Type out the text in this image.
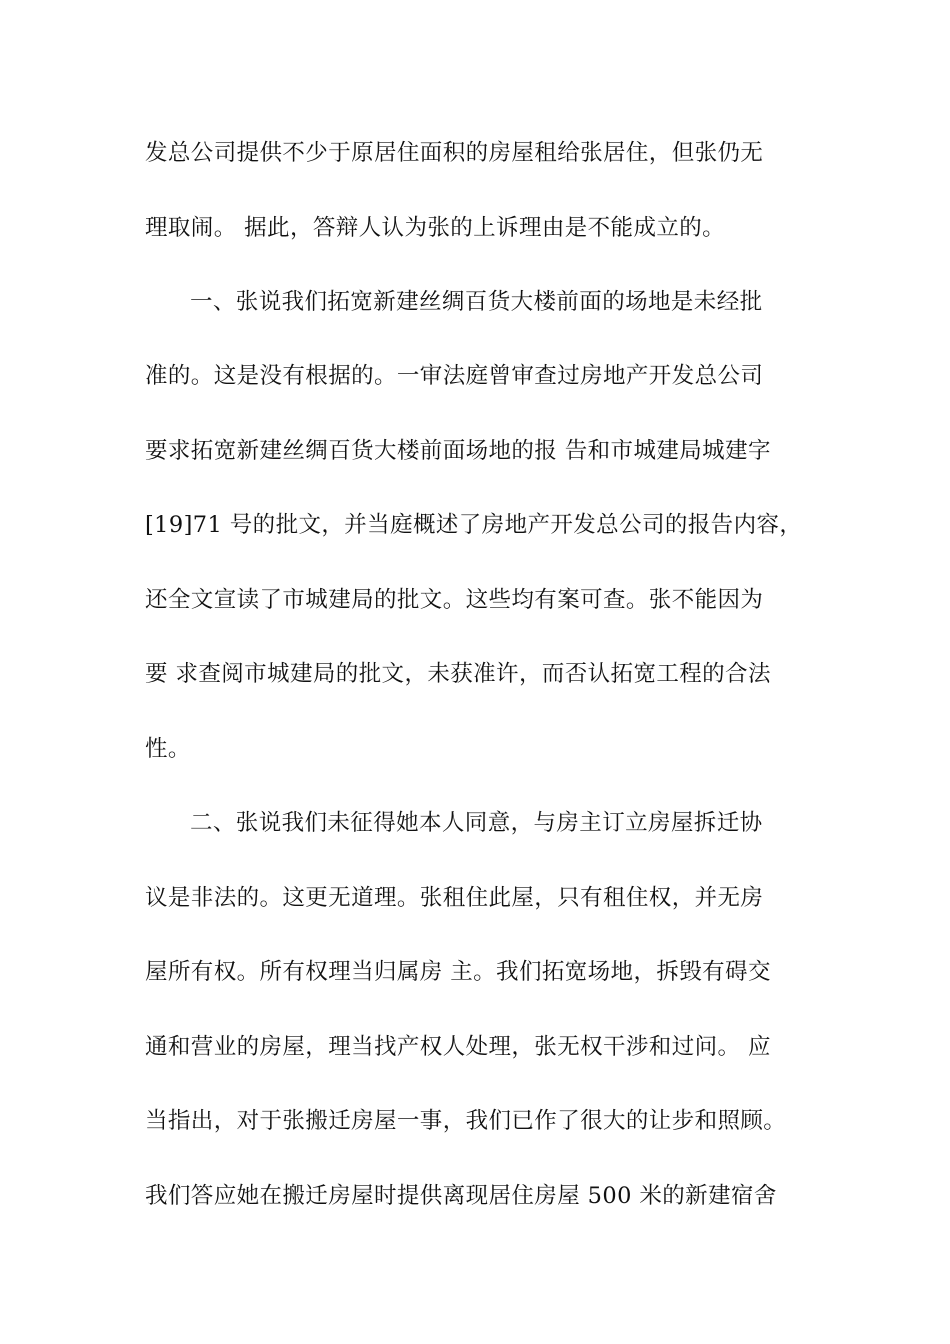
发总公司提供不少于原居住面积的房屋租给张居住，但张仍无
理取闹。 据此，答辩人认为张的上诉理由是不能成立的。
一、张说我们拓宽新建丝绸百货大楼前面的场地是未经批
准的。这是没有根据的。一审法庭曾审查过房地产开发总公司
要求拓宽新建丝绸百货大楼前面场地的报 告和市城建局城建字
[19]71 号的批文，并当庭概述了房地产开发总公司的报告内容，
还全文宣读了市城建局的批文。这些均有案可查。张不能因为
要 求查阅市城建局的批文，未获准许，而否认拓宽工程的合法
性。
二、张说我们未征得她本人同意，与房主订立房屋拆迁协
议是非法的。这更无道理。张租住此屋，只有租住权，并无房
屋所有权。所有权理当归属房 主。我们拓宽场地，拆毁有碍交
通和营业的房屋，理当找产权人处理，张无权干涉和过问。 应
当指出，对于张搬迁房屋一事，我们已作了很大的让步和照顾。
我们答应她在搬迁房屋时提供离现居住房屋 500 米的新建宿舍
